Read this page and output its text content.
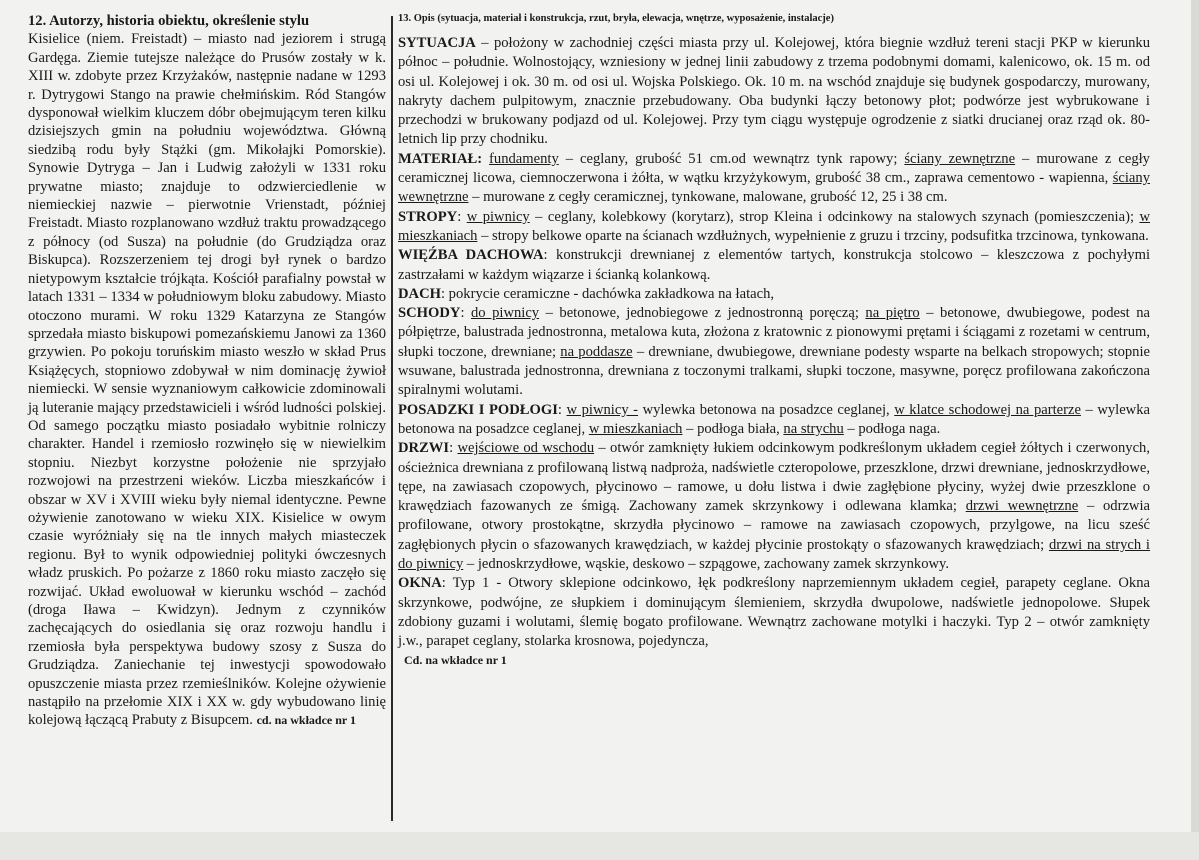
12. Autorzy, historia obiektu, określenie stylu
Kisielice (niem. Freistadt) – miasto nad jeziorem i strugą Gardęga. Ziemie tutejsze należące do Prusów zostały w k. XIII w. zdobyte przez Krzyżaków, następnie nadane w 1293 r. Dytrygowi Stango na prawie chełmińskim. Ród Stangów dysponował wielkim kluczem dóbr obejmującym teren kilku dzisiejszych gmin na południu województwa. Główną siedzibą rodu były Stążki (gm. Mikołajki Pomorskie). Synowie Dytryga – Jan i Ludwig założyli w 1331 roku prywatne miasto; znajduje to odzwierciedlenie w niemieckiej nazwie – pierwotnie Vrienstadt, później Freistadt. Miasto rozplanowano wzdłuż traktu prowadzącego z północy (od Susza) na południe (do Grudziądza oraz Biskupca). Rozszerzeniem tej drogi był rynek o bardzo nietypowym kształcie trójkąta. Kościół parafialny powstał w latach 1331 – 1334 w południowym bloku zabudowy. Miasto otoczono murami. W roku 1329 Katarzyna ze Stangów sprzedała miasto biskupowi pomezańskiemu Janowi za 1360 grzywien. Po pokoju toruńskim miasto weszło w skład Prus Książęcych, stopniowo zdobywał w nim dominację żywioł niemiecki. W sensie wyznaniowym całkowicie zdominowali ją luteranie mający przedstawicieli i wśród ludności polskiej. Od samego początku miasto posiadało wybitnie rolniczy charakter. Handel i rzemiosło rozwinęło się w niewielkim stopniu. Niezbyt korzystne położenie nie sprzyjało rozwojowi na przestrzeni wieków. Liczba mieszkańców i obszar w XV i XVIII wieku były niemal identyczne. Pewne ożywienie zanotowano w wieku XIX. Kisielice w owym czasie wyróżniały się na tle innych małych miasteczek regionu. Był to wynik odpowiedniej polityki ówczesnych władz pruskich. Po pożarze z 1860 roku miasto zaczęło się rozwijać. Układ ewoluował w kierunku wschód – zachód (droga Iława – Kwidzyn). Jednym z czynników zachęcających do osiedlania się oraz rozwoju handlu i rzemiosła była perspektywa budowy szosy z Susza do Grudziądza. Zaniechanie tej inwestycji spowodowało opuszczenie miasta przez rzemieślników. Kolejne ożywienie nastąpiło na przełomie XIX i XX w. gdy wybudowano linię kolejową łączącą Prabuty z Bisupcem. cd. na wkładce nr 1
13. Opis (sytuacja, materiał i konstrukcja, rzut, bryła, elewacja, wnętrze, wyposażenie, instalacje)

SYTUACJA – położony w zachodniej części miasta przy ul. Kolejowej, która biegnie wzdłuż tereni stacji PKP w kierunku północ – południe. Wolnostojący, wzniesiony w jednej linii zabudowy z trzema podobnymi domami, kalenicowo, ok. 15 m. od osi ul. Kolejowej i ok. 30 m. od osi ul. Wojska Polskiego. Ok. 10 m. na wschód znajduje się budynek gospodarczy, murowany, nakryty dachem pulpitowym, znacznie przebudowany. Oba budynki łączy betonowy płot; podwórze jest wybrukowane i przechodzi w brukowany podjazd od ul. Kolejowej. Przy tym ciągu występuje ogrodzenie z siatki drucianej oraz rząd ok. 80-letnich lip przy chodniku.

MATERIAŁ: fundamenty – ceglany, grubość 51 cm.od wewnątrz tynk rapowy; ściany zewnętrzne – murowane z cegły ceramicznej licowa, ciemnoczerwona i żółta, w wątku krzyżykowym, grubość 38 cm., zaprawa cementowo - wapienna, ściany wewnętrzne – murowane z cegły ceramicznej, tynkowane, malowane, grubość 12, 25 i 38 cm.

STROPY: w piwnicy – ceglany, kolebkowy (korytarz), strop Kleina i odcinkowy na stalowych szynach (pomieszczenia); w mieszkaniach – stropy belkowe oparte na ścianach wzdłużnych, wypełnienie z gruzu i trzciny, podsufitka trzcinowa, tynkowana.

WIĘŹBA DACHOWA: konstrukcji drewnianej z elementów tartych, konstrukcja stolcowo – kleszczowa z pochyłymi zastrzałami w każdym wiązarze i ścianką kolankową.

DACH: pokrycie ceramiczne - dachówka zakładkowa na łatach,

SCHODY: do piwnicy – betonowe, jednobiegowe z jednostronną poręczą; na piętro – betonowe, dwubiegowe, podest na półpiętrze, balustrada jednostronna, metalowa kuta, złożona z kratownic z pionowymi prętami i ściągami z rozetami w centrum, słupki toczone, drewniane; na poddasze – drewniane, dwubiegowe, drewniane podesty wsparte na belkach stropowych; stopnie wsuwane, balustrada jednostronna, drewniana z toczonymi tralkami, słupki toczone, masywne, poręcz profilowana zakończona spiralnymi wolutami.

POSADZKI I PODŁOGI: w piwnicy - wylewka betonowa na posadzce ceglanej, w klatce schodowej na parterze – wylewka betonowa na posadzce ceglanej, w mieszkaniach – podłoga biała, na strychu – podłoga naga.

DRZWI: wejściowe od wschodu – otwór zamknięty łukiem odcinkowym podkreślonym układem cegieł żółtych i czerwonych, ościeżnica drewniana z profilowaną listwą nadproża, nadświetle czteropolowe, przeszklone, drzwi drewniane, jednoskrzydłowe, tępe, na zawiasach czopowych, płycinowo – ramowe, u dołu listwa i dwie zagłębione płyciny, wyżej dwie przeszklone o krawędziach fazowanych ze śmigą. Zachowany zamek skrzynkowy i odlewana klamka; drzwi wewnętrzne – odrzwia profilowane, otwory prostokątne, skrzydła płycinowo – ramowe na zawiasach czopowych, przylgowe, na licu sześć zagłębionych płycin o sfazowanych krawędziach, w każdej płycinie prostokąty o sfazowanych krawędziach; drzwi na strych i do piwnicy – jednoskrzydłowe, wąskie, deskowo – szpągowe, zachowany zamek skrzynkowy.

OKNA: Typ 1 - Otwory sklepione odcinkowo, łęk podkreślony naprzemiennym układem cegieł, parapety ceglane. Okna skrzynkowe, podwójne, ze słupkiem i dominującym ślemieniem, skrzydła dwupolowe, nadświetle jednopolowe. Słupek zdobiony guzami i wolutami, ślemię bogato profilowane. Wewnątrz zachowane motylki i haczyki. Typ 2 – otwór zamknięty j.w., parapet ceglany, stolarka krosnowa, pojedyncza,

Cd. na wkładce nr 1
